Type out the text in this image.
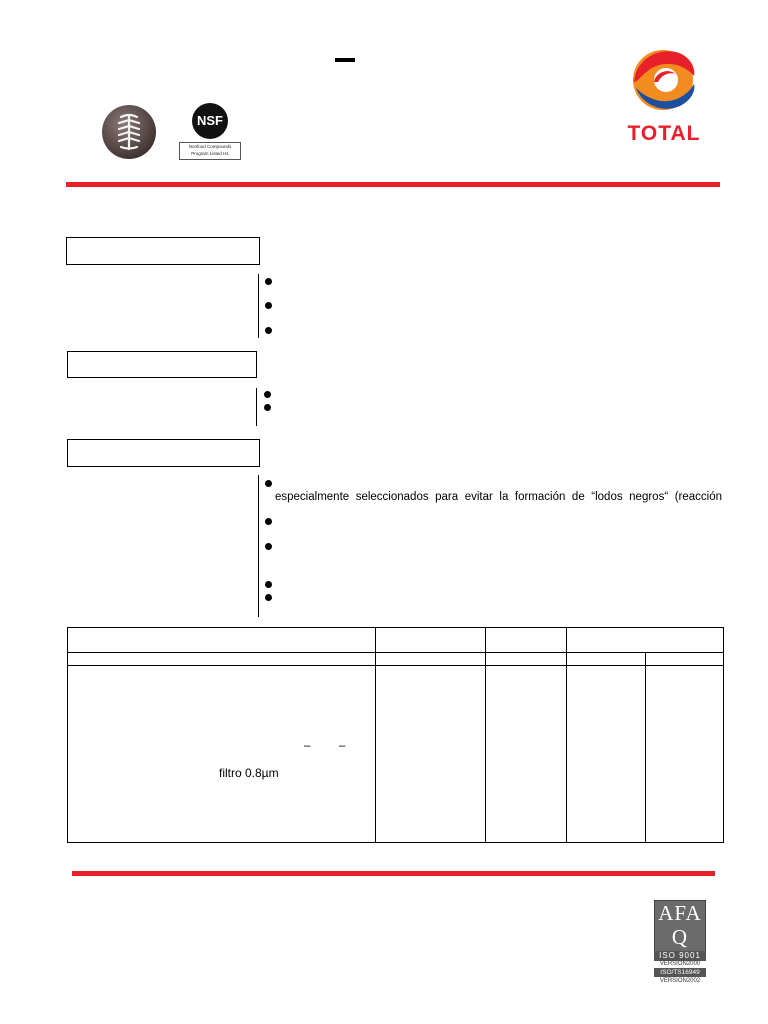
NSF
Nonfood Compounds
Program Listed H1
TOTAL
especialmente seleccionados para evitar la formación de “lodos negros“ (reacción
– –
filtro 0.8µm
AFAQ
ISO 9001
VERSION2000
ISO/TS16949
VERSION2002
